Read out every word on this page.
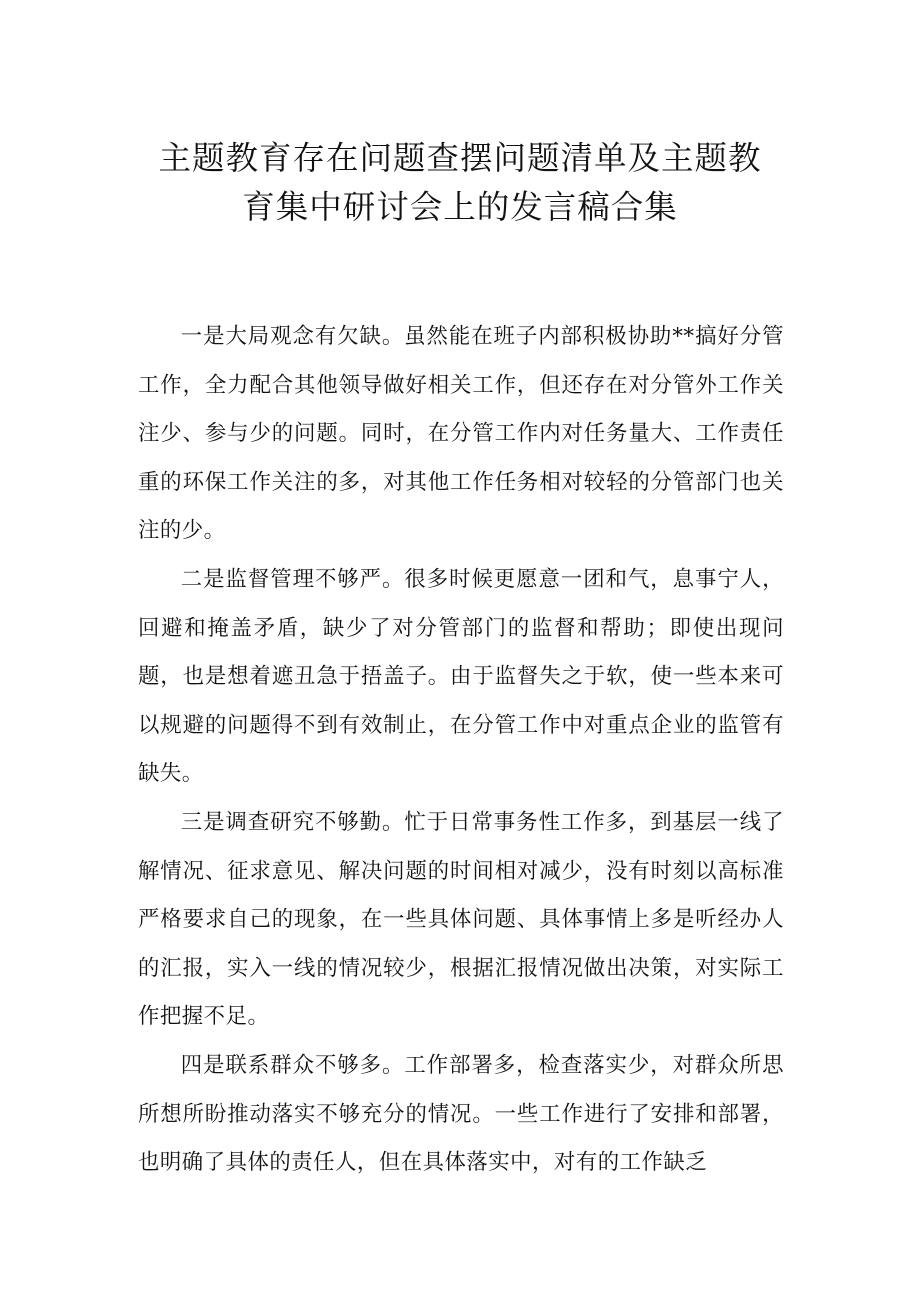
主题教育存在问题查摆问题清单及主题教
育集中研讨会上的发言稿合集

一是大局观念有欠缺。虽然能在班子内部积极协助**搞好分管工作，全力配合其他领导做好相关工作，但还存在对分管外工作关注少、参与少的问题。同时，在分管工作内对任务量大、工作责任重的环保工作关注的多，对其他工作任务相对较轻的分管部门也关注的少。

二是监督管理不够严。很多时候更愿意一团和气，息事宁人，回避和掩盖矛盾，缺少了对分管部门的监督和帮助；即使出现问题，也是想着遮丑急于捂盖子。由于监督失之于软，使一些本来可以规避的问题得不到有效制止，在分管工作中对重点企业的监管有缺失。

三是调查研究不够勤。忙于日常事务性工作多，到基层一线了解情况、征求意见、解决问题的时间相对减少，没有时刻以高标准严格要求自己的现象，在一些具体问题、具体事情上多是听经办人的汇报，实入一线的情况较少，根据汇报情况做出决策，对实际工作把握不足。

四是联系群众不够多。工作部署多，检查落实少，对群众所思所想所盼推动落实不够充分的情况。一些工作进行了安排和部署，也明确了具体的责任人，但在具体落实中，对有的工作缺乏
